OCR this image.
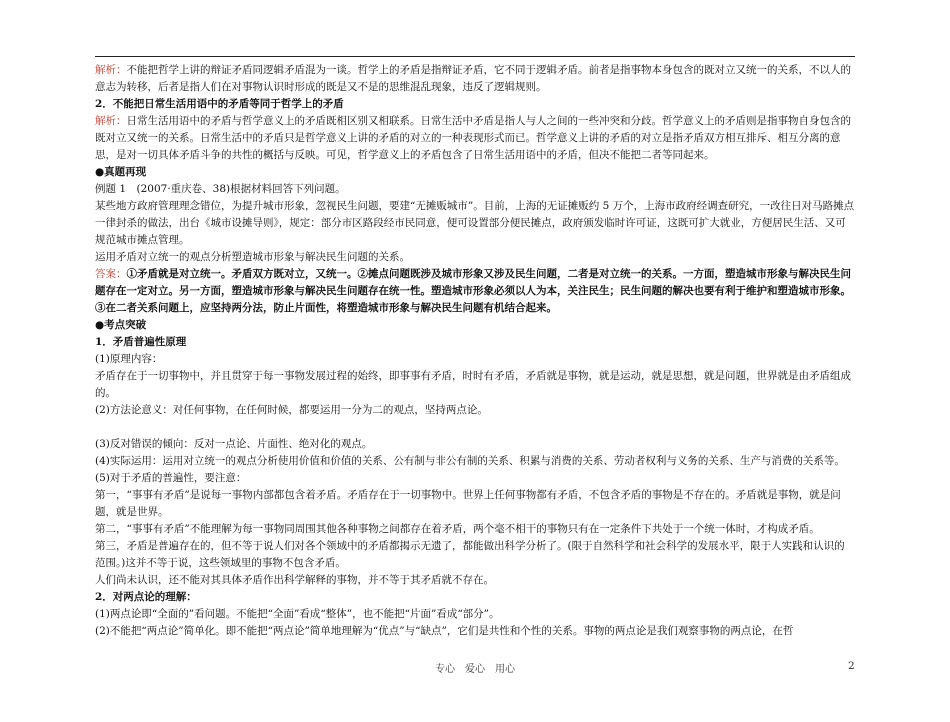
解析：不能把哲学上讲的辩证矛盾同逻辑矛盾混为一谈。哲学上的矛盾是指辩证矛盾，它不同于逻辑矛盾。前者是指事物本身包含的既对立又统一的关系，不以人的意志为转移，后者是指人们在对事物认识时形成的既是又不是的思维混乱现象，违反了逻辑规则。

2．不能把日常生活用语中的矛盾等同于哲学上的矛盾

解析：日常生活用语中的矛盾与哲学意义上的矛盾既相区别又相联系。日常生活中矛盾是指人与人之间的一些冲突和分歧。哲学意义上的矛盾则是指事物自身包含的既对立又统一的关系。日常生活中的矛盾只是哲学意义上讲的矛盾的对立的一种表现形式而已。哲学意义上讲的矛盾的对立是指矛盾双方相互排斥、相互分离的意思，是对一切具体矛盾斗争的共性的概括与反映。可见，哲学意义上的矛盾包含了日常生活用语中的矛盾，但决不能把二者等同起来。

●真题再现

例题 1　(2007·重庆卷、38)根据材料回答下列问题。

某些地方政府管理理念错位，为提升城市形象，忽视民生问题，要建“无摊贩城市”。目前，上海的无证摊贩约 5 万个，上海市政府经调查研究，一改往日对马路摊点一律封杀的做法，出台《城市设摊导则》，规定：部分市区路段经市民同意，便可设置部分便民摊点，政府颁发临时许可证，这既可扩大就业，方便居民生活、又可规范城市摊点管理。

运用矛盾对立统一的观点分析塑造城市形象与解决民生问题的关系。

答案：①矛盾就是对立统一。矛盾双方既对立，又统一。②摊点问题既涉及城市形象又涉及民生问题，二者是对立统一的关系。一方面，塑造城市形象与解决民生问题存在一定对立。另一方面，塑造城市形象与解决民生问题存在统一性。塑造城市形象必须以人为本，关注民生；民生问题的解决也要有利于维护和塑造城市形象。③在二者关系问题上，应坚持两分法，防止片面性，将塑造城市形象与解决民生问题有机结合起来。

●考点突破

1．矛盾普遍性原理

(1)原理内容：

矛盾存在于一切事物中，并且贯穿于每一事物发展过程的始终，即事事有矛盾，时时有矛盾，矛盾就是事物，就是运动，就是思想，就是问题，世界就是由矛盾组成的。

(2)方法论意义：对任何事物，在任何时候，都要运用一分为二的观点，坚持两点论。

(3)反对错误的倾向：反对一点论、片面性、绝对化的观点。

(4)实际运用：运用对立统一的观点分析使用价值和价值的关系、公有制与非公有制的关系、积累与消费的关系、劳动者权利与义务的关系、生产与消费的关系等。

(5)对于矛盾的普遍性，要注意：

第一，“事事有矛盾”是说每一事物内部都包含着矛盾。矛盾存在于一切事物中。世界上任何事物都有矛盾，不包含矛盾的事物是不存在的。矛盾就是事物，就是问题，就是世界。

第二，“事事有矛盾”不能理解为每一事物同周围其他各种事物之间都存在着矛盾，两个毫不相干的事物只有在一定条件下共处于一个统一体时，才构成矛盾。

第三，矛盾是普遍存在的，但不等于说人们对各个领域中的矛盾都揭示无遗了，都能做出科学分析了。(限于自然科学和社会科学的发展水平，限于人实践和认识的范围。)这并不等于说，这些领域里的事物不包含矛盾。

人们尚未认识，还不能对其具体矛盾作出科学解释的事物，并不等于其矛盾就不存在。

2．对两点论的理解：

(1)两点论即“全面的”看问题。不能把“全面”看成“整体”，也不能把“片面”看成“部分”。

(2)不能把“两点论”简单化。即不能把“两点论”简单地理解为“优点”与“缺点”，它们是共性和个性的关系。事物的两点论是我们观察事物的两点论，在哲

专心　爱心　用心	2
